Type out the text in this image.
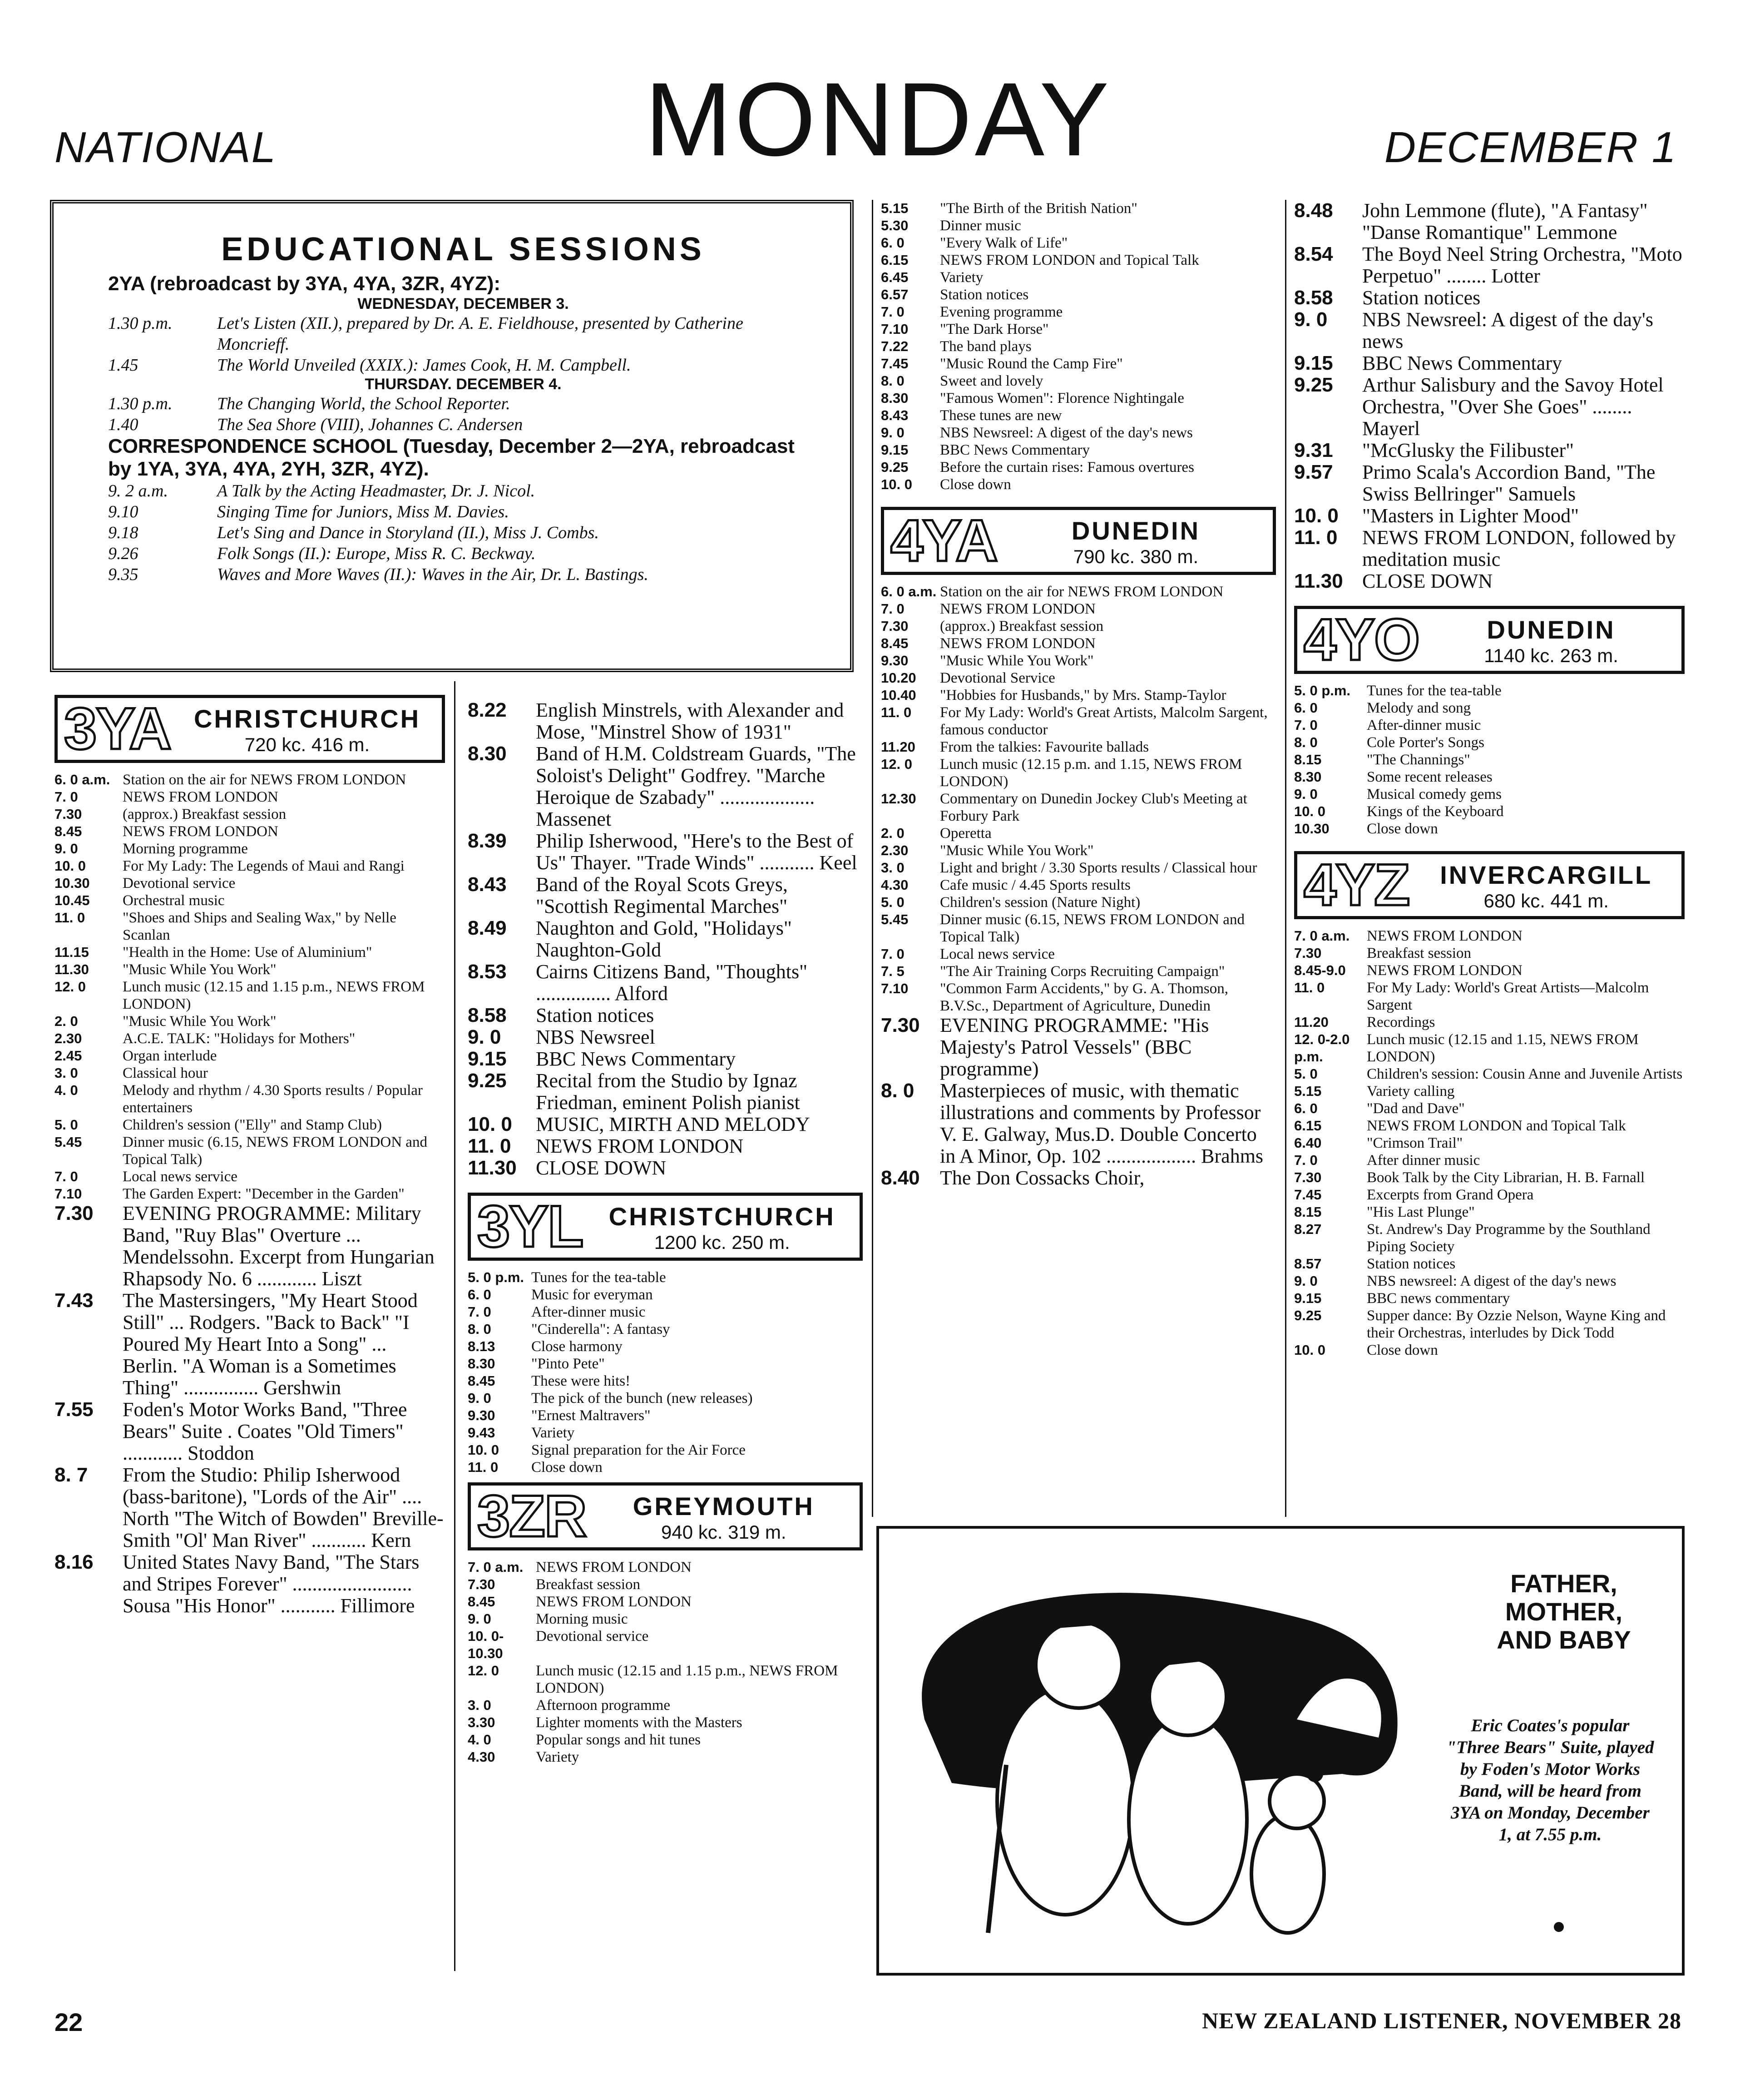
NATIONAL	MONDAY	DECEMBER 1
EDUCATIONAL SESSIONS
2YA (rebroadcast by 3YA, 4YA, 3ZR, 4YZ):
WEDNESDAY, DECEMBER 3.
1.30 p.m.	Let's Listen (XII.), prepared by Dr. A. E. Fieldhouse, presented by Catherine Moncrieff.
1.45	The World Unveiled (XXIX.): James Cook, H. M. Campbell.
THURSDAY. DECEMBER 4.
1.30 p.m.	The Changing World, the School Reporter.
1.40	The Sea Shore (VIII), Johannes C. Andersen
CORRESPONDENCE SCHOOL (Tuesday, December 2—2YA, rebroadcast by 1YA, 3YA, 4YA, 2YH, 3ZR, 4YZ).
9. 2 a.m.	A Talk by the Acting Headmaster, Dr. J. Nicol.
9.10	Singing Time for Juniors, Miss M. Davies.
9.18	Let's Sing and Dance in Storyland (II.), Miss J. Combs.
9.26	Folk Songs (II.): Europe, Miss R. C. Beckway.
9.35	Waves and More Waves (II.): Waves in the Air, Dr. L. Bastings.
3YA CHRISTCHURCH
720 kc. 416 m.
6. 0 a.m. Station on the air for NEWS FROM LONDON
7. 0	NEWS FROM LONDON
7.30	(approx.) Breakfast session
8.45	NEWS FROM LONDON
9. 0	Morning programme
10. 0	For My Lady: The Legends of Maui and Rangi
10.30	Devotional service
10.45	Orchestral music
11. 0	"Shoes and Ships and Sealing Wax," by Nelle Scanlan
11.15	"Health in the Home: Use of Aluminium"
11.30	"Music While You Work"
12. 0	Lunch music (12.15 and 1.15 p.m., NEWS FROM LONDON)
2. 0	"Music While You Work"
2.30	A.C.E. TALK: "Holidays for Mothers"
2.45	Organ interlude
3. 0	Classical hour
4. 0	Melody and rhythm / 4.30 Sports results / Popular entertainers
5. 0	Children's session ("Elly" and Stamp Club)
5.45	Dinner music (6.15, NEWS FROM LONDON and Topical Talk)
7. 0	Local news service
7.10	The Garden Expert: "December in the Garden"
7.30	EVENING PROGRAMME: Military Band, "Ruy Blas" Overture ... Mendelssohn. Excerpt from Hungarian Rhapsody No. 6 ............ Liszt
7.43	The Mastersingers, "My Heart Stood Still" ... Rodgers. "Back to Back" "I Poured My Heart Into a Song" ... Berlin. "A Woman is a Sometimes Thing" ............... Gershwin
7.55	Foden's Motor Works Band, "Three Bears" Suite . Coates "Old Timers" ............ Stoddon
8. 7	From the Studio: Philip Isherwood (bass-baritone), "Lords of the Air" .... North "The Witch of Bowden" Breville-Smith "Ol' Man River" ........... Kern
8.16	United States Navy Band, "The Stars and Stripes Forever" ........................ Sousa "His Honor" ........... Fillimore
8.22	English Minstrels, with Alexander and Mose, "Minstrel Show of 1931"
8.30	Band of H.M. Coldstream Guards, "The Soloist's Delight" Godfrey. "Marche Heroique de Szabady" ................... Massenet
8.39	Philip Isherwood, "Here's to the Best of Us" Thayer. "Trade Winds" ........... Keel
8.43	Band of the Royal Scots Greys, "Scottish Regimental Marches"
8.49	Naughton and Gold, "Holidays" Naughton-Gold
8.53	Cairns Citizens Band, "Thoughts" ............... Alford
8.58	Station notices
9. 0	NBS Newsreel
9.15	BBC News Commentary
9.25	Recital from the Studio by Ignaz Friedman, eminent Polish pianist
10. 0	MUSIC, MIRTH AND MELODY
11. 0	NEWS FROM LONDON
11.30 CLOSE DOWN
3YL CHRISTCHURCH
1200 kc. 250 m.
5. 0 p.m. Tunes for the tea-table
6. 0	Music for everyman
7. 0	After-dinner music
8. 0	"Cinderella": A fantasy
8.13	Close harmony
8.30	"Pinto Pete"
8.45	These were hits!
9. 0	The pick of the bunch (new releases)
9.30	"Ernest Maltravers"
9.43	Variety
10. 0	Signal preparation for the Air Force
11. 0	Close down
3ZR GREYMOUTH
940 kc. 319 m.
7. 0 a.m. NEWS FROM LONDON
7.30	Breakfast session
8.45	NEWS FROM LONDON
9. 0	Morning music
10. 0-10.30
Devotional service
12. 0	Lunch music (12.15 and 1.15 p.m., NEWS FROM LONDON)
3. 0	Afternoon programme
3.30	Lighter moments with the Masters
4. 0	Popular songs and hit tunes
4.30	Variety
5.15	"The Birth of the British Nation"
5.30	Dinner music
6. 0	"Every Walk of Life"
6.15	NEWS FROM LONDON and Topical Talk
6.45	Variety
6.57	Station notices
7. 0	Evening programme
7.10	"The Dark Horse"
7.22	The band plays
7.45	"Music Round the Camp Fire"
8. 0	Sweet and lovely
8.30	"Famous Women": Florence Nightingale
8.43	These tunes are new
9. 0	NBS Newsreel: A digest of the day's news
9.15	BBC News Commentary
9.25	Before the curtain rises: Famous overtures
10. 0	Close down
4YA	DUNEDIN
790 kc. 380 m.
6. 0 a.m. Station on the air for NEWS FROM LONDON
7. 0	NEWS FROM LONDON
7.30	(approx.) Breakfast session
8.45	NEWS FROM LONDON
9.30	"Music While You Work"
10.20	Devotional Service
10.40	"Hobbies for Husbands," by Mrs. Stamp-Taylor
11. 0	For My Lady: World's Great Artists, Malcolm Sargent, famous conductor
11.20	From the talkies: Favourite ballads
12. 0	Lunch music (12.15 p.m. and 1.15, NEWS FROM LONDON)
12.30	Commentary on Dunedin Jockey Club's Meeting at Forbury Park
2. 0	Operetta
2.30	"Music While You Work"
3. 0	Light and bright / 3.30 Sports results / Classical hour
4.30	Cafe music / 4.45 Sports results
5. 0	Children's session (Nature Night)
5.45	Dinner music (6.15, NEWS FROM LONDON and Topical Talk)
7. 0	Local news service
7. 5	"The Air Training Corps Recruiting Campaign"
7.10	"Common Farm Accidents," by G. A. Thomson, B.V.Sc., Department of Agriculture, Dunedin
7.30	EVENING PROGRAMME: "His Majesty's Patrol Vessels" (BBC programme)
8. 0	Masterpieces of music, with thematic illustrations and comments by Professor V. E. Galway, Mus.D. Double Concerto in A Minor, Op. 102 .................. Brahms
8.40	The Don Cossacks Choir,
8.48	John Lemmone (flute), "A Fantasy" "Danse Romantique" Lemmone
8.54	The Boyd Neel String Orchestra, "Moto Perpetuo" ........ Lotter
8.58	Station notices
9. 0	NBS Newsreel: A digest of the day's news
9.15	BBC News Commentary
9.25	Arthur Salisbury and the Savoy Hotel Orchestra, "Over She Goes" ........ Mayerl
9.31	"McGlusky the Filibuster"
9.57	Primo Scala's Accordion Band, "The Swiss Bellringer" Samuels
10. 0	"Masters in Lighter Mood"
11. 0	NEWS FROM LONDON, followed by meditation music
11.30 CLOSE DOWN
4YO	DUNEDIN
1140 kc. 263 m.
5. 0 p.m.	Tunes for the tea-table
6. 0	Melody and song
7. 0	After-dinner music
8. 0	Cole Porter's Songs
8.15	"The Channings"
8.30	Some recent releases
9. 0	Musical comedy gems
10. 0	Kings of the Keyboard
10.30	Close down
4YZ INVERCARGILL
680 kc. 441 m.
7. 0 a.m.	NEWS FROM LONDON
7.30	Breakfast session
8.45-9.0	NEWS FROM LONDON
11. 0	For My Lady: World's Great Artists—Malcolm Sargent
11.20	Recordings
12. 0-2.0 p.m.
Lunch music (12.15 and 1.15, NEWS FROM LONDON)
5. 0	Children's session: Cousin Anne and Juvenile Artists
5.15	Variety calling
6. 0	"Dad and Dave"
6.15	NEWS FROM LONDON and Topical Talk
6.40	"Crimson Trail"
7. 0	After dinner music
7.30	Book Talk by the City Librarian, H. B. Farnall
7.45	Excerpts from Grand Opera
8.15	"His Last Plunge"
8.27	St. Andrew's Day Programme by the Southland Piping Society
8.57	Station notices
9. 0	NBS newsreel: A digest of the day's news
9.15	BBC news commentary
9.25	Supper dance: By Ozzie Nelson, Wayne King and their Orchestras, interludes by Dick Todd
10. 0	Close down
FATHER, MOTHER, AND BABY
Eric Coates's popular "Three Bears" Suite, played by Foden's Motor Works Band, will be heard from 3YA on Monday, December 1, at 7.55 p.m.
22	NEW ZEALAND LISTENER, NOVEMBER 28
